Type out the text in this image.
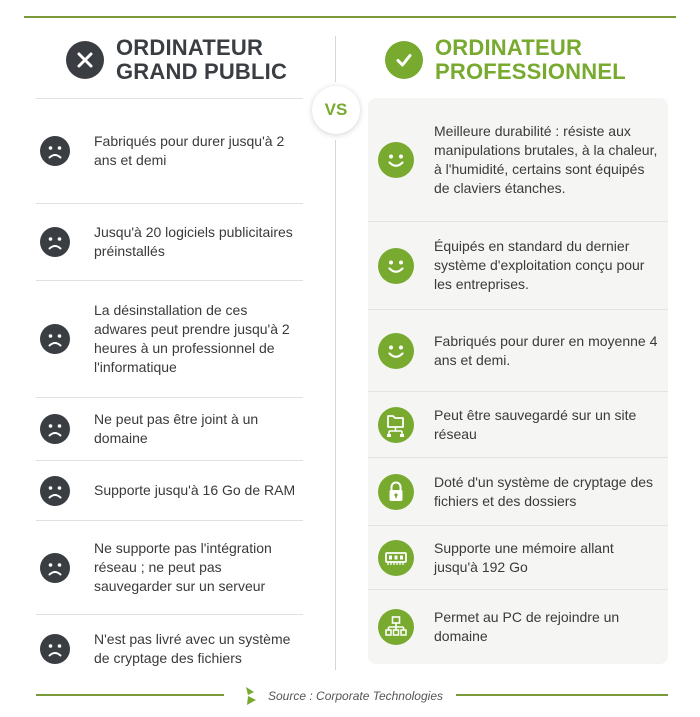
ORDINATEUR
GRAND PUBLIC
ORDINATEUR
PROFESSIONNEL
VS
Fabriqués pour durer jusqu'à 2 ans et demi
Jusqu'à 20 logiciels publicitaires préinstallés
La désinstallation de ces adwares peut prendre jusqu'à 2 heures à un professionnel de l'informatique
Ne peut pas être joint à un domaine
Supporte jusqu'à 16 Go de RAM
Ne supporte pas l'intégration réseau ; ne peut pas sauvegarder sur un serveur
N'est pas livré avec un système de cryptage des fichiers
Meilleure durabilité : résiste aux manipulations brutales, à la chaleur, à l'humidité, certains sont équipés de claviers étanches.
Équipés en standard du dernier système d'exploitation conçu pour les entreprises.
Fabriqués pour durer en moyenne 4 ans et demi.
Peut être sauvegardé sur un site réseau
Doté d'un système de cryptage des fichiers et des dossiers
Supporte une mémoire allant jusqu'à 192 Go
Permet au PC de rejoindre un domaine
Source : Corporate Technologies
